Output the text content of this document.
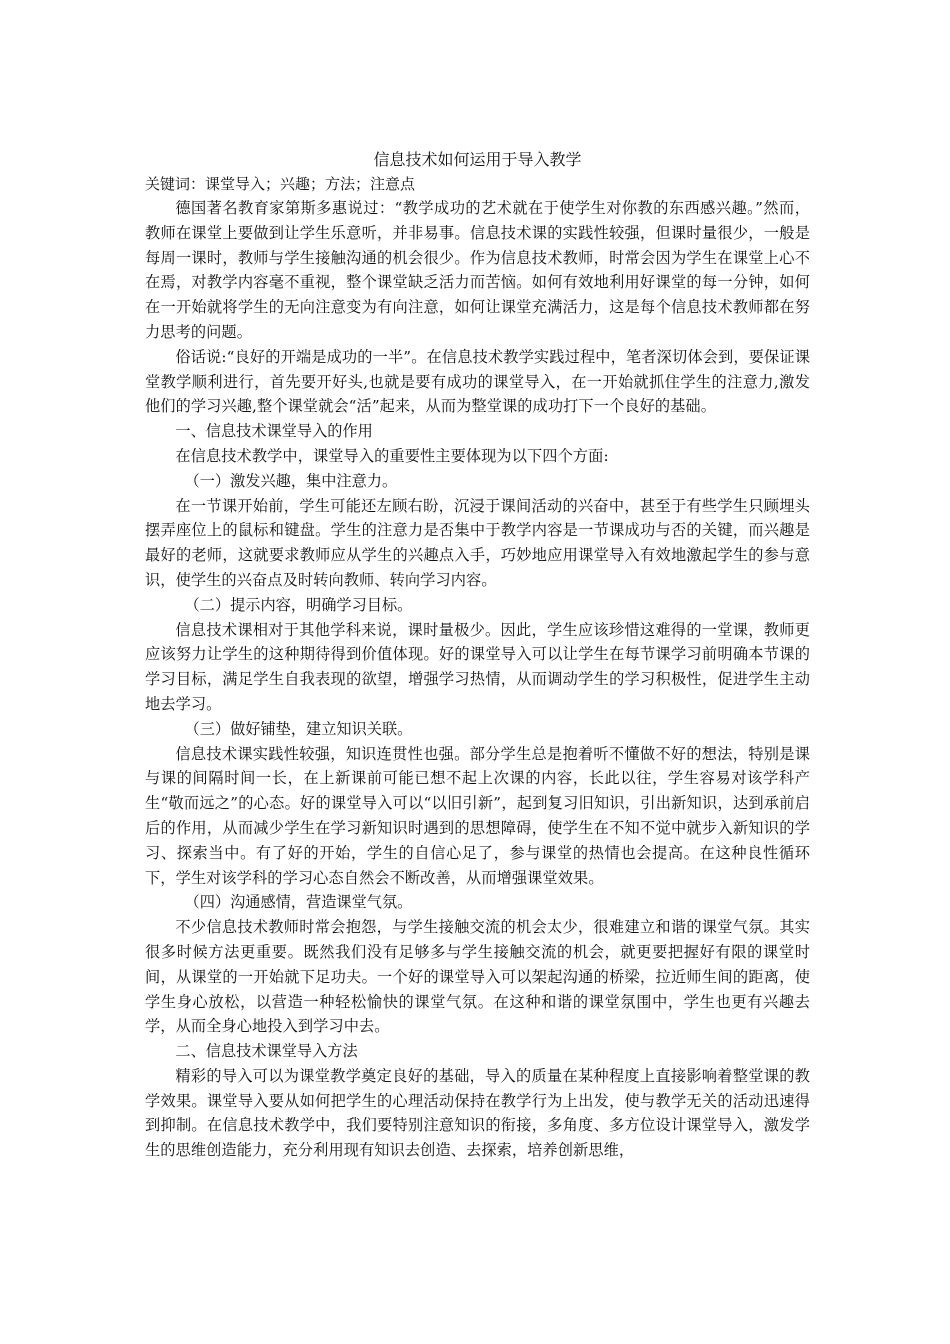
信息技术如何运用于导入教学

关键词：课堂导入；兴趣；方法；注意点

德国著名教育家第斯多惠说过：“教学成功的艺术就在于使学生对你教的东西感兴趣。”然而，教师在课堂上要做到让学生乐意听，并非易事。信息技术课的实践性较强，但课时量很少，一般是每周一课时，教师与学生接触沟通的机会很少。作为信息技术教师，时常会因为学生在课堂上心不在焉，对教学内容毫不重视，整个课堂缺乏活力而苦恼。如何有效地利用好课堂的每一分钟，如何在一开始就将学生的无向注意变为有向注意，如何让课堂充满活力，这是每个信息技术教师都在努力思考的问题。

俗话说:“良好的开端是成功的一半”。在信息技术教学实践过程中，笔者深切体会到，要保证课堂教学顺利进行，首先要开好头,也就是要有成功的课堂导入，在一开始就抓住学生的注意力,激发他们的学习兴趣,整个课堂就会“活”起来，从而为整堂课的成功打下一个良好的基础。

一、信息技术课堂导入的作用

在信息技术教学中，课堂导入的重要性主要体现为以下四个方面:

（一）激发兴趣，集中注意力。

在一节课开始前，学生可能还左顾右盼，沉浸于课间活动的兴奋中，甚至于有些学生只顾埋头摆弄座位上的鼠标和键盘。学生的注意力是否集中于教学内容是一节课成功与否的关键，而兴趣是最好的老师，这就要求教师应从学生的兴趣点入手，巧妙地应用课堂导入有效地激起学生的参与意识，使学生的兴奋点及时转向教师、转向学习内容。

（二）提示内容，明确学习目标。

信息技术课相对于其他学科来说，课时量极少。因此，学生应该珍惜这难得的一堂课，教师更应该努力让学生的这种期待得到价值体现。好的课堂导入可以让学生在每节课学习前明确本节课的学习目标，满足学生自我表现的欲望，增强学习热情，从而调动学生的学习积极性，促进学生主动地去学习。

（三）做好铺垫，建立知识关联。

信息技术课实践性较强，知识连贯性也强。部分学生总是抱着听不懂做不好的想法，特别是课与课的间隔时间一长，在上新课前可能已想不起上次课的内容，长此以往，学生容易对该学科产生“敬而远之”的心态。好的课堂导入可以“以旧引新”，起到复习旧知识，引出新知识，达到承前启后的作用，从而减少学生在学习新知识时遇到的思想障碍，使学生在不知不觉中就步入新知识的学习、探索当中。有了好的开始，学生的自信心足了，参与课堂的热情也会提高。在这种良性循环下，学生对该学科的学习心态自然会不断改善，从而增强课堂效果。

（四）沟通感情，营造课堂气氛。

不少信息技术教师时常会抱怨，与学生接触交流的机会太少，很难建立和谐的课堂气氛。其实很多时候方法更重要。既然我们没有足够多与学生接触交流的机会，就更要把握好有限的课堂时间，从课堂的一开始就下足功夫。一个好的课堂导入可以架起沟通的桥梁，拉近师生间的距离，使学生身心放松，以营造一种轻松愉快的课堂气氛。在这种和谐的课堂氛围中，学生也更有兴趣去学，从而全身心地投入到学习中去。

二、信息技术课堂导入方法

精彩的导入可以为课堂教学奠定良好的基础，导入的质量在某种程度上直接影响着整堂课的教学效果。课堂导入要从如何把学生的心理活动保持在教学行为上出发，使与教学无关的活动迅速得到抑制。在信息技术教学中，我们要特别注意知识的衔接，多角度、多方位设计课堂导入，激发学生的思维创造能力，充分利用现有知识去创造、去探索，培养创新思维，
